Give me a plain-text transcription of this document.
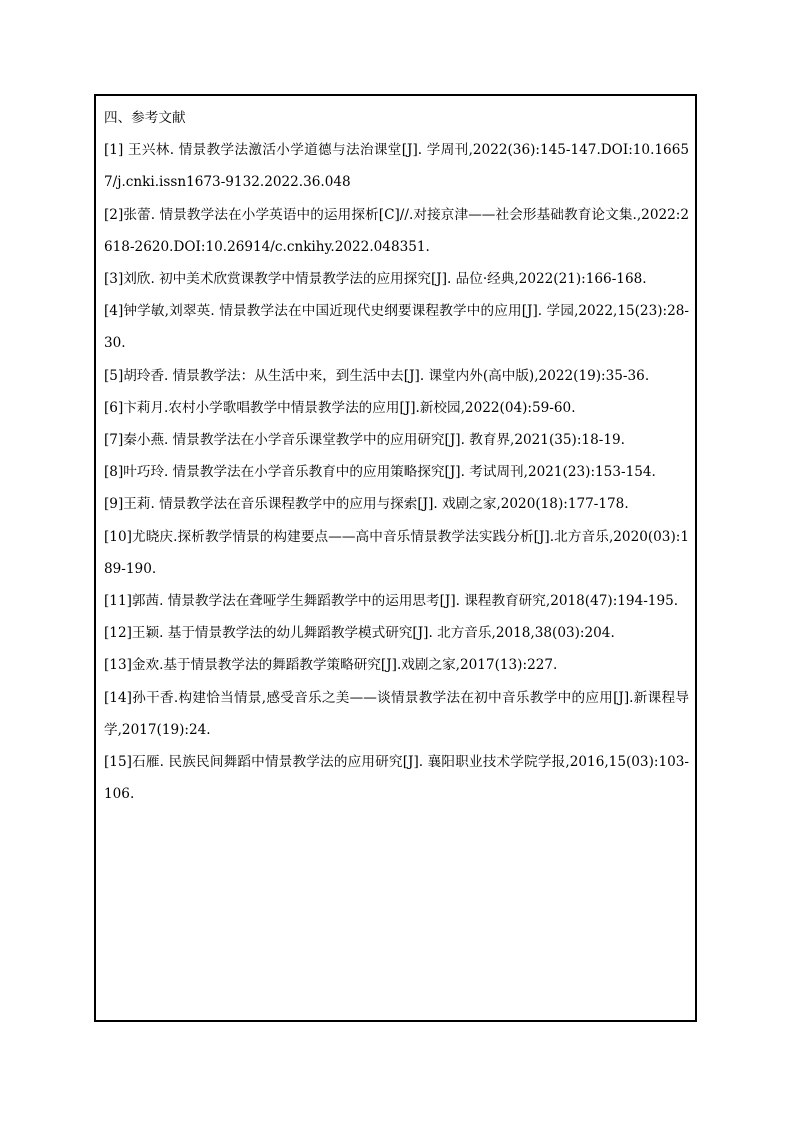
四、参考文献
[1] 王兴林. 情景教学法激活小学道德与法治课堂[J]. 学周刊,2022(36):145-147.DOI:10.16657/j.cnki.issn1673-9132.2022.36.048
[2]张蕾. 情景教学法在小学英语中的运用探析[C]//.对接京津——社会形基础教育论文集.,2022:2618-2620.DOI:10.26914/c.cnkihy.2022.048351.
[3]刘欣. 初中美术欣赏课教学中情景教学法的应用探究[J]. 品位·经典,2022(21):166-168.
[4]钟学敏,刘翠英. 情景教学法在中国近现代史纲要课程教学中的应用[J]. 学园,2022,15(23):28-30.
[5]胡玲香. 情景教学法：从生活中来，到生活中去[J]. 课堂内外(高中版),2022(19):35-36.
[6]卞莉月.农村小学歌唱教学中情景教学法的应用[J].新校园,2022(04):59-60.
[7]秦小燕. 情景教学法在小学音乐课堂教学中的应用研究[J]. 教育界,2021(35):18-19.
[8]叶巧玲. 情景教学法在小学音乐教育中的应用策略探究[J]. 考试周刊,2021(23):153-154.
[9]王莉. 情景教学法在音乐课程教学中的应用与探索[J]. 戏剧之家,2020(18):177-178.
[10]尤晓庆.探析教学情景的构建要点——高中音乐情景教学法实践分析[J].北方音乐,2020(03):189-190.
[11]郭茜. 情景教学法在聋哑学生舞蹈教学中的运用思考[J]. 课程教育研究,2018(47):194-195.
[12]王颖. 基于情景教学法的幼儿舞蹈教学模式研究[J]. 北方音乐,2018,38(03):204.
[13]金欢.基于情景教学法的舞蹈教学策略研究[J].戏剧之家,2017(13):227.
[14]孙干香.构建恰当情景,感受音乐之美——谈情景教学法在初中音乐教学中的应用[J].新课程导学,2017(19):24.
[15]石雁. 民族民间舞蹈中情景教学法的应用研究[J]. 襄阳职业技术学院学报,2016,15(03):103-106.
